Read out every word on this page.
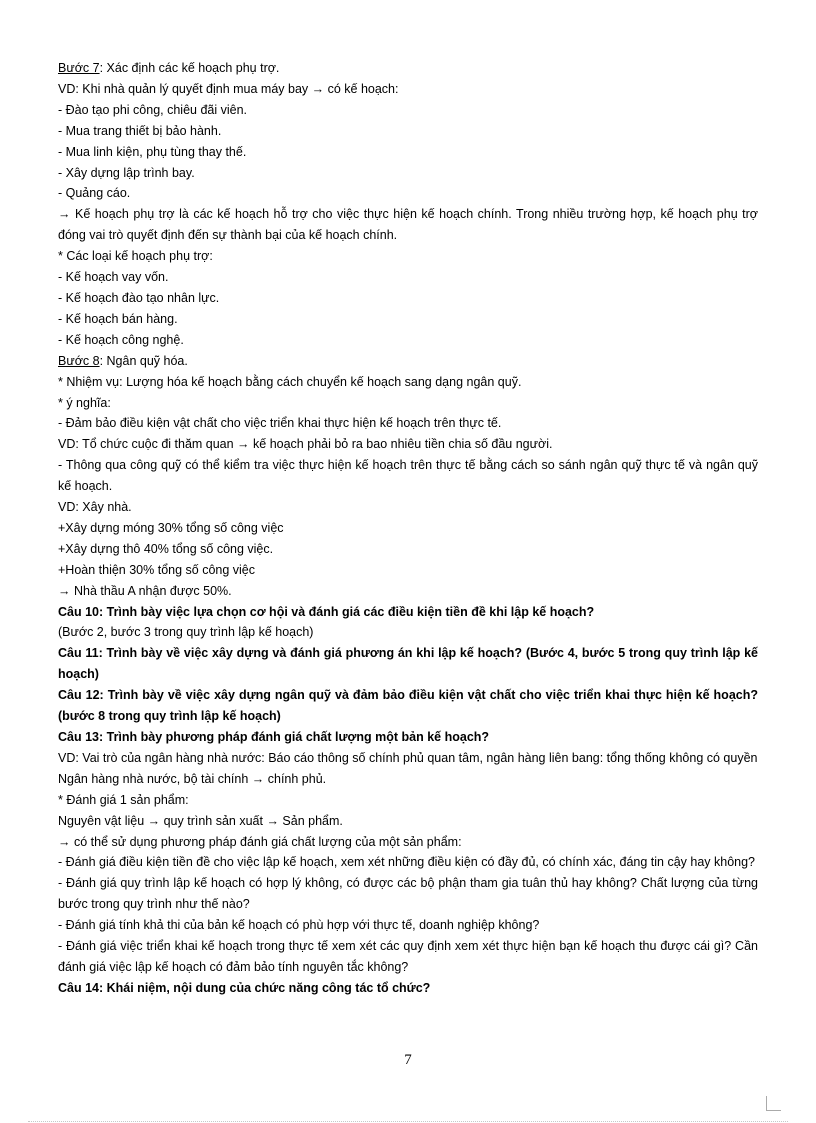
Bước 7: Xác định các kế hoạch phụ trợ.
VD: Khi nhà quản lý quyết định mua máy bay → có kế hoạch:
- Đào tạo phi công, chiêu đãi viên.
- Mua trang thiết bị bảo hành.
- Mua linh kiện, phụ tùng thay thế.
- Xây dựng lập trình bay.
- Quảng cáo.
→ Kế hoạch phụ trợ là các kế hoạch hỗ trợ cho việc thực hiện kế hoạch chính. Trong nhiều trường hợp, kế hoạch phụ trợ đóng vai trò quyết định đến sự thành bại của kế hoạch chính.
* Các loại kế hoạch phụ trợ:
- Kế hoạch vay vốn.
- Kế hoạch đào tạo nhân lực.
- Kế hoạch bán hàng.
- Kế hoạch công nghệ.
Bước 8: Ngân quỹ hóa.
* Nhiệm vụ: Lượng hóa kế hoạch bằng cách chuyển kế hoạch sang dạng ngân quỹ.
* ý nghĩa:
- Đảm bảo điều kiện vật chất cho việc triển khai thực hiện kế hoạch trên thực tế.
VD: Tổ chức cuộc đi thăm quan → kế hoạch phải bỏ ra bao nhiêu tiền chia số đầu người.
- Thông qua công quỹ có thể kiểm tra việc thực hiện kế hoạch trên thực tế bằng cách so sánh ngân quỹ thực tế và ngân quỹ kế hoạch.
VD: Xây nhà.
+Xây dựng móng 30% tổng số công việc
+Xây dựng thô 40% tổng số công việc.
+Hoàn thiện 30% tổng số công việc
→ Nhà thầu A nhận được 50%.
Câu 10: Trình bày việc lựa chọn cơ hội và đánh giá các điều kiện tiền đề khi lập kế hoạch?
(Bước 2, bước 3 trong quy trình lập kế hoạch)
Câu 11: Trình bày về việc xây dựng và đánh giá phương án khi lập kế hoạch? (Bước 4, bước 5 trong quy trình lập kế hoạch)
Câu 12: Trình bày về việc xây dựng ngân quỹ và đảm bảo điều kiện vật chất cho việc triển khai thực hiện kế hoạch? (bước 8 trong quy trình lập kế hoạch)
Câu 13: Trình bày phương pháp đánh giá chất lượng một bản kế hoạch?
VD: Vai trò của ngân hàng nhà nước: Báo cáo thông số chính phủ quan tâm, ngân hàng liên bang: tổng thống không có quyền
Ngân hàng nhà nước, bộ tài chính → chính phủ.
* Đánh giá 1 sản phẩm:
Nguyên vật liệu → quy trình sản xuất → Sản phẩm.
→ có thể sử dụng phương pháp đánh giá chất lượng của một sản phẩm:
- Đánh giá điều kiện tiền đề cho việc lập kế hoạch, xem xét những điều kiện có đầy đủ, có chính xác, đáng tin cậy hay không?
- Đánh giá quy trình lập kế hoạch có hợp lý không, có được các bộ phận tham gia tuân thủ hay không? Chất lượng của từng bước trong quy trình như thế nào?
- Đánh giá tính khả thi của bản kế hoạch có phù hợp với thực tế, doanh nghiệp không?
- Đánh giá việc triển khai kế hoạch trong thực tế xem xét các quy định xem xét thực hiện bạn kế hoạch thu được cái gì? Cần đánh giá việc lập kế hoạch có đảm bảo tính nguyên tắc không?
Câu 14: Khái niệm, nội dung của chức năng công tác tổ chức?
7
